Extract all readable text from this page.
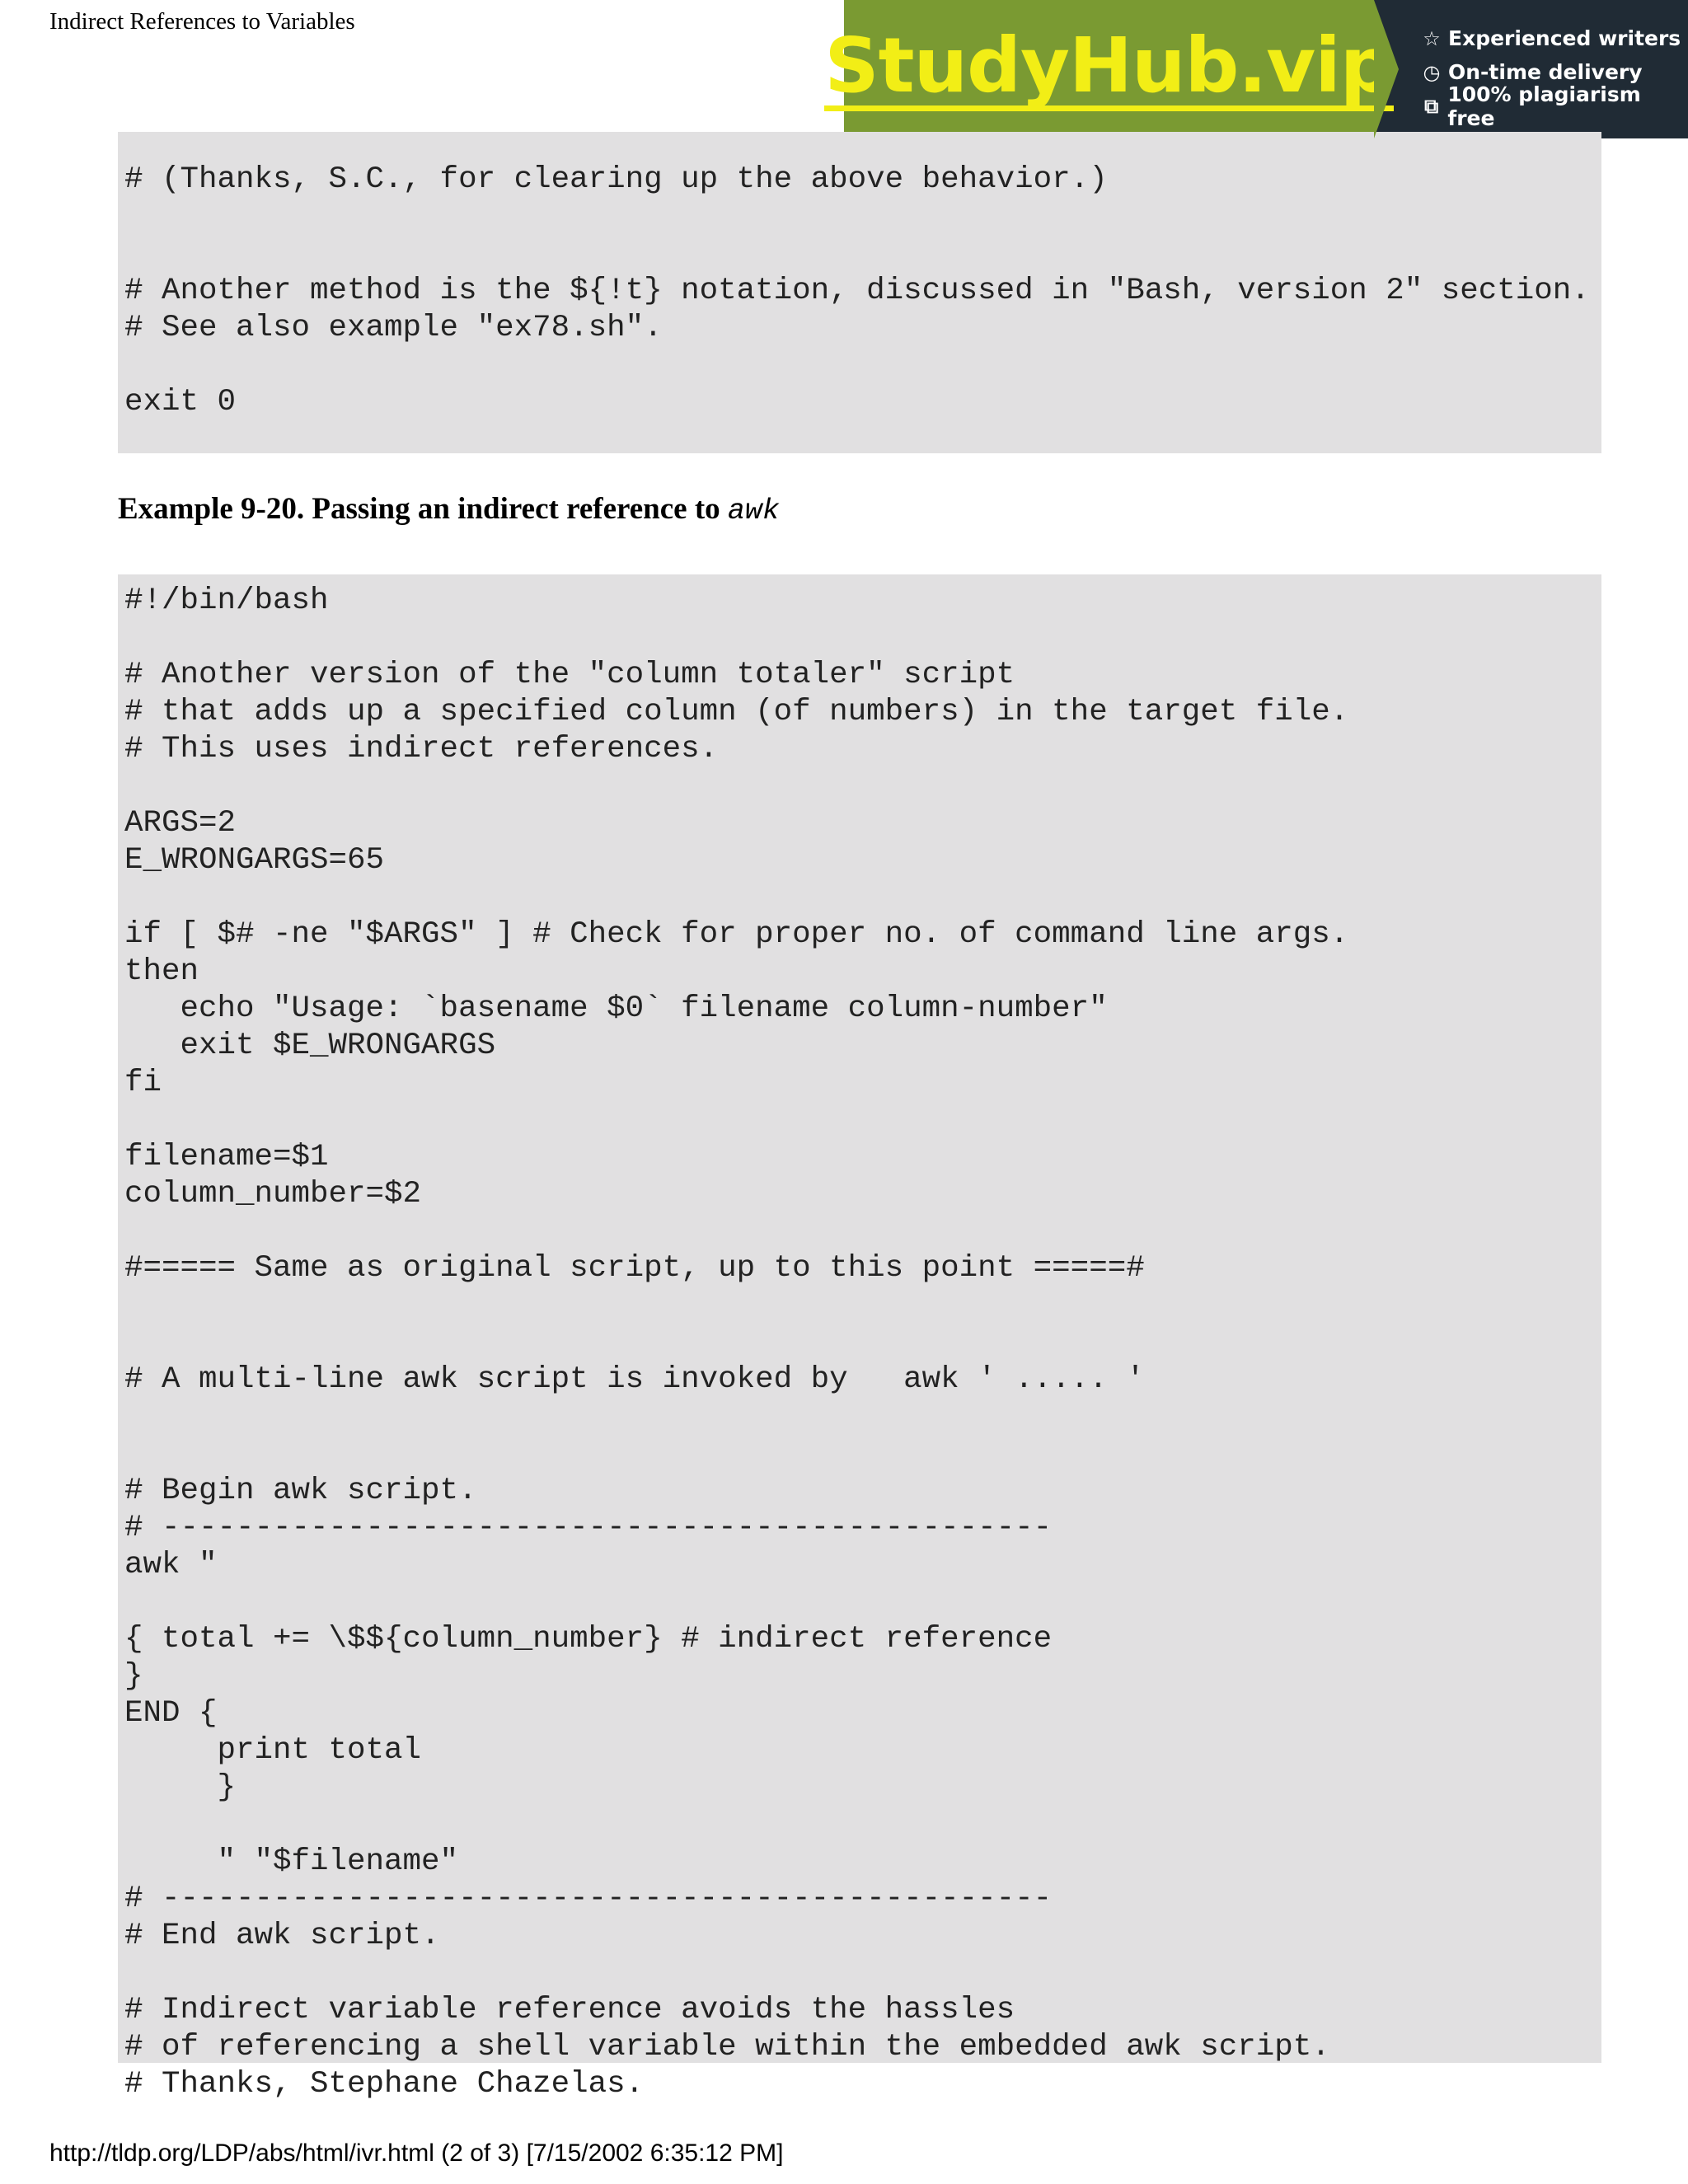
Indirect References to Variables	StudyHub.vip ☆ Experienced writers
◷ On-time delivery
⧉ 100% plagiarism free
# (Thanks, S.C., for clearing up the above behavior.)
# Another method is the ${!t} notation, discussed in "Bash, version 2" section.
# See also example "ex78.sh".
exit 0
Example 9-20. Passing an indirect reference to awk
#!/bin/bash
# Another version of the "column totaler" script
# that adds up a specified column (of numbers) in the target file.
# This uses indirect references.
ARGS=2
E_WRONGARGS=65
if [ $# -ne "$ARGS" ] # Check for proper no. of command line args.
then
echo "Usage: `basename $0` filename column-number"
exit $E_WRONGARGS
fi
filename=$1
column_number=$2
#===== Same as original script, up to this point =====#
# A multi-line awk script is invoked by   awk ' ..... '
# Begin awk script.
# ------------------------------------------------
awk "
{ total += \$${column_number} # indirect reference
}
END {
print total
}
" "$filename"
# ------------------------------------------------
# End awk script.
# Indirect variable reference avoids the hassles
# of referencing a shell variable within the embedded awk script.
# Thanks, Stephane Chazelas.
http://tldp.org/LDP/abs/html/ivr.html (2 of 3) [7/15/2002 6:35:12 PM]
